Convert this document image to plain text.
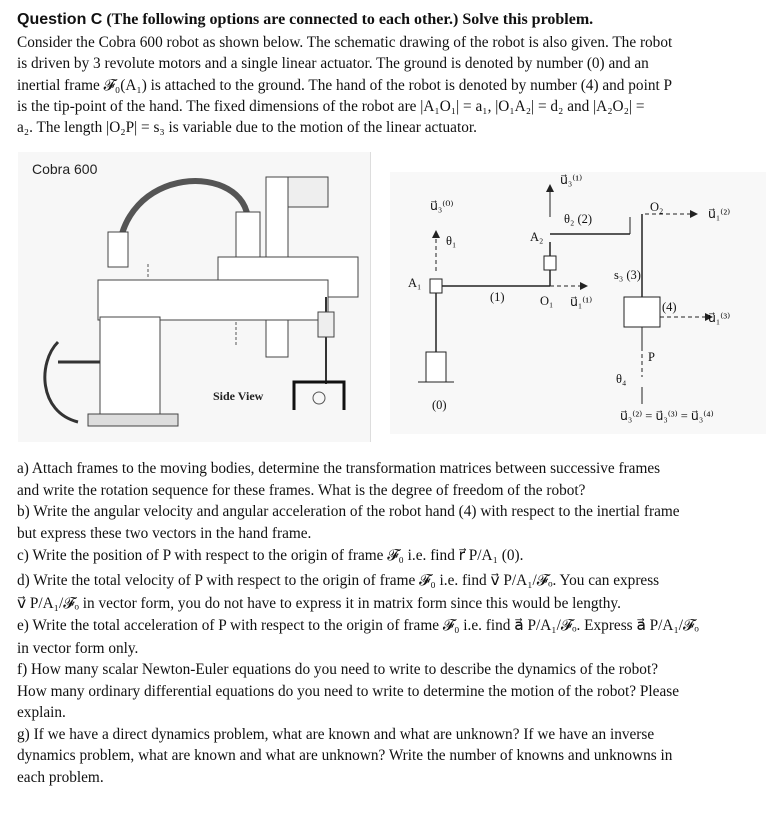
Question C (The following options are connected to each other.) Solve this problem.

Consider the Cobra 600 robot as shown below. The schematic drawing of the robot is also given. The robot

is driven by 3 revolute motors and a single linear actuator. The ground is denoted by number (0) and an

inertial frame 𝓕₀(A₁) is attached to the ground. The hand of the robot is denoted by number (4) and point P

is the tip-point of the hand. The fixed dimensions of the robot are |A₁O₁| = a₁, |O₁A₂| = d₂ and |A₂O₂| =

a₂. The length |O₂P| = s₃ is variable due to the motion of the linear actuator.

Cobra 600
Side View
u⃗₃⁽⁰⁾
θ₁
A₁
(0)
(1)
u⃗₃⁽¹⁾
A₂
θ₂ (2)
O₁ u⃗₁⁽¹⁾
O₂	u⃗₁⁽²⁾
s₃ (3)
(4)
u⃗₁⁽³⁾
P
θ₄
u⃗₃⁽²⁾ = u⃗₃⁽³⁾ = u⃗₃⁽⁴⁾

a) Attach frames to the moving bodies, determine the transformation matrices between successive frames

and write the rotation sequence for these frames. What is the degree of freedom of the robot?

b) Write the angular velocity and angular acceleration of the robot hand (4) with respect to the inertial frame

but express these two vectors in the hand frame.

c) Write the position of P with respect to the origin of frame 𝓕₀ i.e. find r⃗ P/A₁ (0).

d) Write the total velocity of P with respect to the origin of frame 𝓕₀ i.e. find v⃗ P/A₁/𝓕ₒ. You can express

v⃗ P/A₁/𝓕ₒ in vector form, you do not have to express it in matrix form since this would be lengthy.

e) Write the total acceleration of P with respect to the origin of frame 𝓕₀ i.e. find a⃗ P/A₁/𝓕ₒ. Express a⃗ P/A₁/𝓕ₒ

in vector form only.

f) How many scalar Newton-Euler equations do you need to write to describe the dynamics of the robot?

How many ordinary differential equations do you need to write to determine the motion of the robot? Please

explain.

g) If we have a direct dynamics problem, what are known and what are unknown? If we have an inverse

dynamics problem, what are known and what are unknown? Write the number of knowns and unknowns in

each problem.
